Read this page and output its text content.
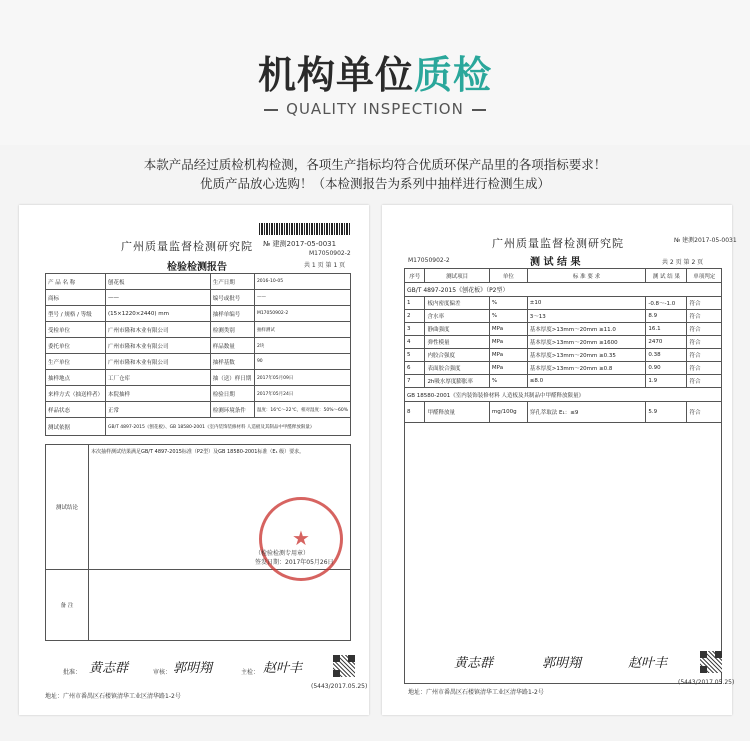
机构单位质检
QUALITY INSPECTION
本款产品经过质检机构检测，各项生产指标均符合优质环保产品里的各项指标要求！
优质产品放心选购！（本检测报告为系列中抽样进行检测生成）
广州质量监督检测研究院 № 建测2017-05-0031
M17050902-2
共 1 页 第 1 页
检验检测报告
产 品 名 称	刨花板	生产日期	2016-10-05
商标	——	编号或批号	——
型号 / 规格 / 等级	(15×1220×2440) mm	抽样单编号	M17050902-2
受检单位	广州市隆和木业有限公司	检测类别	抽样测试
委托单位	广州市隆和木业有限公司	样品数量	2块
生产单位	广州市隆和木业有限公司	抽样基数	90
抽样地点	工厂仓库	抽（送）样日期	2017年05月09日
来样方式（抽送样者）	本院抽样	检验日期	2017年05月24日
样品状态	正常	检测环境条件	温度：16℃～22℃，相对湿度：50%～60%
测试依据	GB/T 4897-2015《刨花板》、GB 18580-2001《室内装饰装修材料 人造板及其制品中甲醛释放限量》		
测试结论	本次抽样测试结果满足GB/T 4897-2015标准（P2型）及GB 18580-2001标准（E₁ 级）要求。
备 注	
★
（检验检测专用章）
签发日期：2017年05月26日
批准： 黄志群	审核： 郭明翔	主检： 赵叶丰
(5443/2017.05.25)
地址：广州市番禺区石楼镇清华工业区清华路1-2号
广州质量监督检测研究院	№ 建测2017-05-0031
M17050902-2	测 试 结 果	共 2 页 第 2 页
序号	测试项目	单位	标 准 要 求	测 试 结 果	单项判定
GB/T 4897-2015《刨花板》（P2型）					
1	板内密度偏差	%	±10	-0.8～-1.0	符合
2	含水率	%	3～13	8.9	符合
3	静曲强度	MPa	基本厚度>13mm～20mm ≥11.0	16.1	符合
4	弹性模量	MPa	基本厚度>13mm～20mm ≥1600	2470	符合
5	内胶合强度	MPa	基本厚度>13mm～20mm ≥0.35	0.38	符合
6	表面胶合强度	MPa	基本厚度>13mm～20mm ≥0.8	0.90	符合
7	2h吸水厚度膨胀率	%	≤8.0	1.9	符合
GB 18580-2001《室内装饰装修材料 人造板及其制品中甲醛释放限量》					
8	甲醛释放量	mg/100g	穿孔萃取法 E₁：≤9	5.9	符合

黄志群	郭明翔	赵叶丰
(5443/2017.05.25)
地址：广州市番禺区石楼镇清华工业区清华路1-2号
